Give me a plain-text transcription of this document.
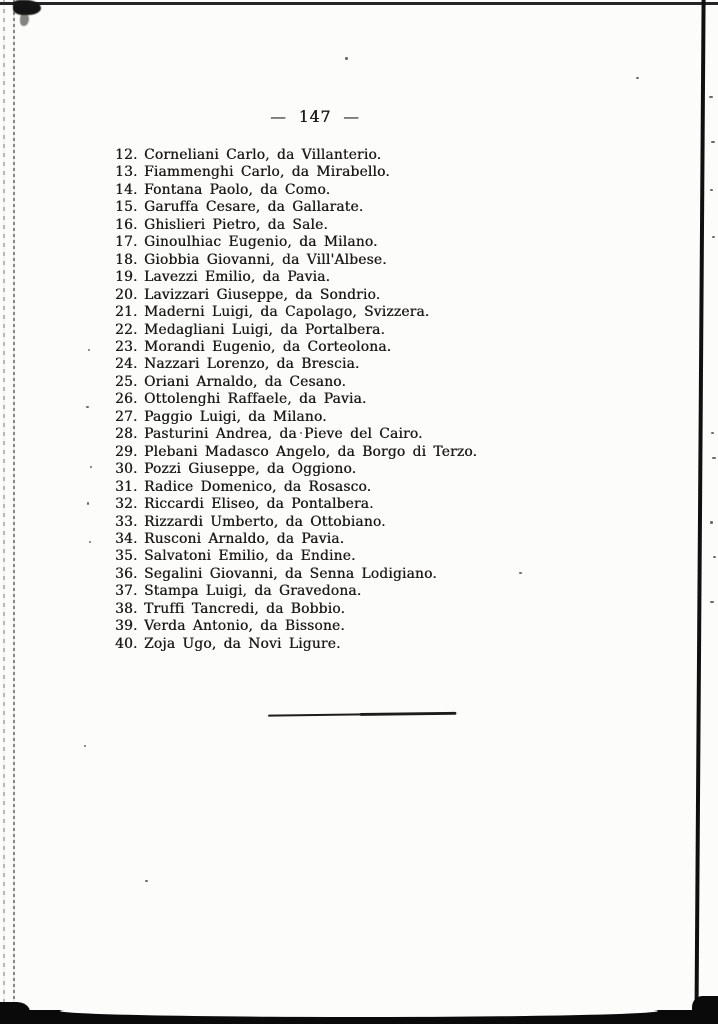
— 147 —
12. Corneliani Carlo, da Villanterio.
13. Fiammenghi Carlo, da Mirabello.
14. Fontana Paolo, da Como.
15. Garuffa Cesare, da Gallarate.
16. Ghislieri Pietro, da Sale.
17. Ginoulhiac Eugenio, da Milano.
18. Giobbia Giovanni, da Vill'Albese.
19. Lavezzi Emilio, da Pavia.
20. Lavizzari Giuseppe, da Sondrio.
21. Maderni Luigi, da Capolago, Svizzera.
22. Medagliani Luigi, da Portalbera.
23. Morandi Eugenio, da Corteolona.
24. Nazzari Lorenzo, da Brescia.
25. Oriani Arnaldo, da Cesano.
26. Ottolenghi Raffaele, da Pavia.
27. Paggio Luigi, da Milano.
28. Pasturini Andrea, da Pieve del Cairo.
29. Plebani Madasco Angelo, da Borgo di Terzo.
30. Pozzi Giuseppe, da Oggiono.
31. Radice Domenico, da Rosasco.
32. Riccardi Eliseo, da Pontalbera.
33. Rizzardi Umberto, da Ottobiano.
34. Rusconi Arnaldo, da Pavia.
35. Salvatoni Emilio, da Endine.
36. Segalini Giovanni, da Senna Lodigiano.
37. Stampa Luigi, da Gravedona.
38. Truffi Tancredi, da Bobbio.
39. Verda Antonio, da Bissone.
40. Zoja Ugo, da Novi Ligure.
